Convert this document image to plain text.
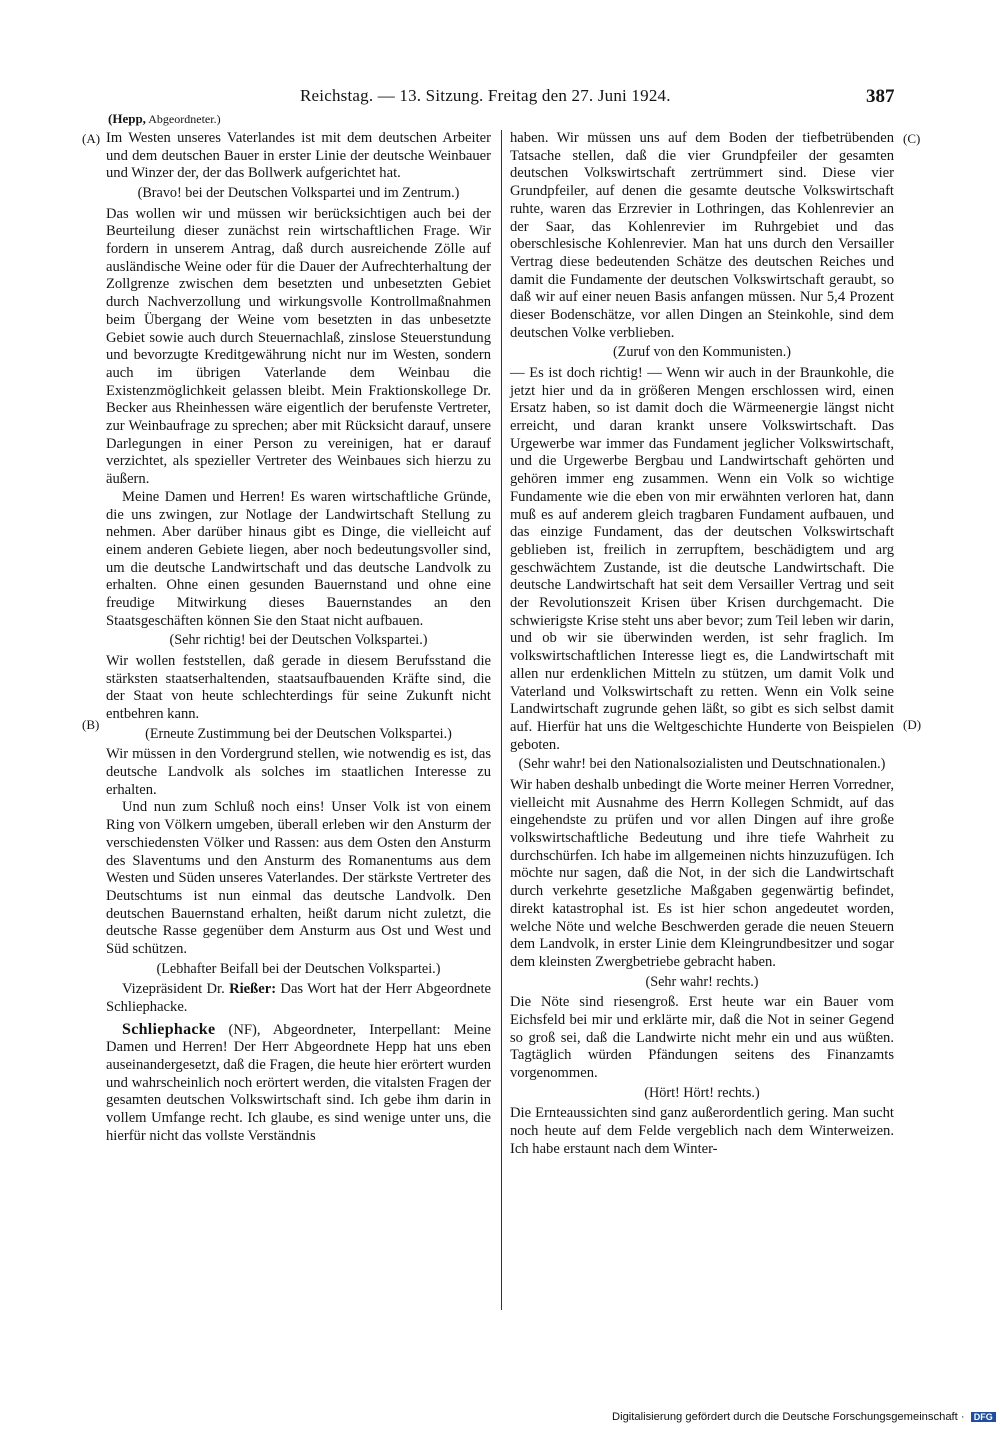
Reichstag. — 13. Sitzung. Freitag den 27. Juni 1924.	387
(Hepp, Abgeordneter.)
(A)
(B)
(C)
(D)

Im Westen unseres Vaterlandes ist mit dem deutschen Arbeiter und dem deutschen Bauer in erster Linie der deutsche Weinbauer und Winzer der, der das Bollwerk aufgerichtet hat.

(Bravo! bei der Deutschen Volkspartei und im Zentrum.)

Das wollen wir und müssen wir berücksichtigen auch bei der Beurteilung dieser zunächst rein wirtschaftlichen Frage. Wir fordern in unserem Antrag, daß durch ausreichende Zölle auf ausländische Weine oder für die Dauer der Aufrechterhaltung der Zollgrenze zwischen dem besetzten und unbesetzten Gebiet durch Nachverzollung und wirkungsvolle Kontrollmaßnahmen beim Übergang der Weine vom besetzten in das unbesetzte Gebiet sowie auch durch Steuernachlaß, zinslose Steuerstundung und bevorzugte Kreditgewährung nicht nur im Westen, sondern auch im übrigen Vaterlande dem Weinbau die Existenzmöglichkeit gelassen bleibt. Mein Fraktionskollege Dr. Becker aus Rheinhessen wäre eigentlich der berufenste Vertreter, zur Weinbaufrage zu sprechen; aber mit Rücksicht darauf, unsere Darlegungen in einer Person zu vereinigen, hat er darauf verzichtet, als spezieller Vertreter des Weinbaues sich hierzu zu äußern.

Meine Damen und Herren! Es waren wirtschaftliche Gründe, die uns zwingen, zur Notlage der Landwirtschaft Stellung zu nehmen. Aber darüber hinaus gibt es Dinge, die vielleicht auf einem anderen Gebiete liegen, aber noch bedeutungsvoller sind, um die deutsche Landwirtschaft und das deutsche Landvolk zu erhalten. Ohne einen gesunden Bauernstand und ohne eine freudige Mitwirkung dieses Bauernstandes an den Staatsgeschäften können Sie den Staat nicht aufbauen.

(Sehr richtig! bei der Deutschen Volkspartei.)

Wir wollen feststellen, daß gerade in diesem Berufsstand die stärksten staatserhaltenden, staatsaufbauenden Kräfte sind, die der Staat von heute schlechterdings für seine Zukunft nicht entbehren kann.

(Erneute Zustimmung bei der Deutschen Volkspartei.)

Wir müssen in den Vordergrund stellen, wie notwendig es ist, das deutsche Landvolk als solches im staatlichen Interesse zu erhalten.

Und nun zum Schluß noch eins! Unser Volk ist von einem Ring von Völkern umgeben, überall erleben wir den Ansturm der verschiedensten Völker und Rassen: aus dem Osten den Ansturm des Slaventums und den Ansturm des Romanentums aus dem Westen und Süden unseres Vaterlandes. Der stärkste Vertreter des Deutschtums ist nun einmal das deutsche Landvolk. Den deutschen Bauernstand erhalten, heißt darum nicht zuletzt, die deutsche Rasse gegenüber dem Ansturm aus Ost und West und Süd schützen.

(Lebhafter Beifall bei der Deutschen Volkspartei.)

Vizepräsident Dr. Rießer: Das Wort hat der Herr Abgeordnete Schliephacke.

Schliephacke (NF), Abgeordneter, Interpellant: Meine Damen und Herren! Der Herr Abgeordnete Hepp hat uns eben auseinandergesetzt, daß die Fragen, die heute hier erörtert wurden und wahrscheinlich noch erörtert werden, die vitalsten Fragen der gesamten deutschen Volkswirtschaft sind. Ich gebe ihm darin in vollem Umfange recht. Ich glaube, es sind wenige unter uns, die hierfür nicht das vollste Verständnis

haben. Wir müssen uns auf dem Boden der tiefbetrübenden Tatsache stellen, daß die vier Grundpfeiler der gesamten deutschen Volkswirtschaft zertrümmert sind. Diese vier Grundpfeiler, auf denen die gesamte deutsche Volkswirtschaft ruhte, waren das Erzrevier in Lothringen, das Kohlenrevier an der Saar, das Kohlenrevier im Ruhrgebiet und das oberschlesische Kohlenrevier. Man hat uns durch den Versailler Vertrag diese bedeutenden Schätze des deutschen Reiches und damit die Fundamente der deutschen Volkswirtschaft geraubt, so daß wir auf einer neuen Basis anfangen müssen. Nur 5,4 Prozent dieser Bodenschätze, vor allen Dingen an Steinkohle, sind dem deutschen Volke verblieben.

(Zuruf von den Kommunisten.)

— Es ist doch richtig! — Wenn wir auch in der Braunkohle, die jetzt hier und da in größeren Mengen erschlossen wird, einen Ersatz haben, so ist damit doch die Wärmeenergie längst nicht erreicht, und daran krankt unsere Volkswirtschaft. Das Urgewerbe war immer das Fundament jeglicher Volkswirtschaft, und die Urgewerbe Bergbau und Landwirtschaft gehörten und gehören immer eng zusammen. Wenn ein Volk so wichtige Fundamente wie die eben von mir erwähnten verloren hat, dann muß es auf anderem gleich tragbaren Fundament aufbauen, und das einzige Fundament, das der deutschen Volkswirtschaft geblieben ist, freilich in zerrupftem, beschädigtem und arg geschwächtem Zustande, ist die deutsche Landwirtschaft. Die deutsche Landwirtschaft hat seit dem Versailler Vertrag und seit der Revolutionszeit Krisen über Krisen durchgemacht. Die schwierigste Krise steht uns aber bevor; zum Teil leben wir darin, und ob wir sie überwinden werden, ist sehr fraglich. Im volkswirtschaftlichen Interesse liegt es, die Landwirtschaft mit allen nur erdenklichen Mitteln zu stützen, um damit Volk und Vaterland und Volkswirtschaft zu retten. Wenn ein Volk seine Landwirtschaft zugrunde gehen läßt, so gibt es sich selbst damit auf. Hierfür hat uns die Weltgeschichte Hunderte von Beispielen geboten.

(Sehr wahr! bei den Nationalsozialisten und Deutschnationalen.)

Wir haben deshalb unbedingt die Worte meiner Herren Vorredner, vielleicht mit Ausnahme des Herrn Kollegen Schmidt, auf das eingehendste zu prüfen und vor allen Dingen auf ihre große volkswirtschaftliche Bedeutung und ihre tiefe Wahrheit zu durchschürfen. Ich habe im allgemeinen nichts hinzuzufügen. Ich möchte nur sagen, daß die Not, in der sich die Landwirtschaft durch verkehrte gesetzliche Maßgaben gegenwärtig befindet, direkt katastrophal ist. Es ist hier schon angedeutet worden, welche Nöte und welche Beschwerden gerade die neuen Steuern dem Landvolk, in erster Linie dem Kleingrundbesitzer und sogar dem kleinsten Zwergbetriebe gebracht haben.

(Sehr wahr! rechts.)

Die Nöte sind riesengroß. Erst heute war ein Bauer vom Eichsfeld bei mir und erklärte mir, daß die Not in seiner Gegend so groß sei, daß die Landwirte nicht mehr ein und aus wüßten. Tagtäglich würden Pfändungen seitens des Finanzamts vorgenommen.

(Hört! Hört! rechts.)

Die Ernteaussichten sind ganz außerordentlich gering. Man sucht noch heute auf dem Felde vergeblich nach dem Winterweizen. Ich habe erstaunt nach dem Winter-

Digitalisierung gefördert durch die Deutsche Forschungsgemeinschaft · DFG
